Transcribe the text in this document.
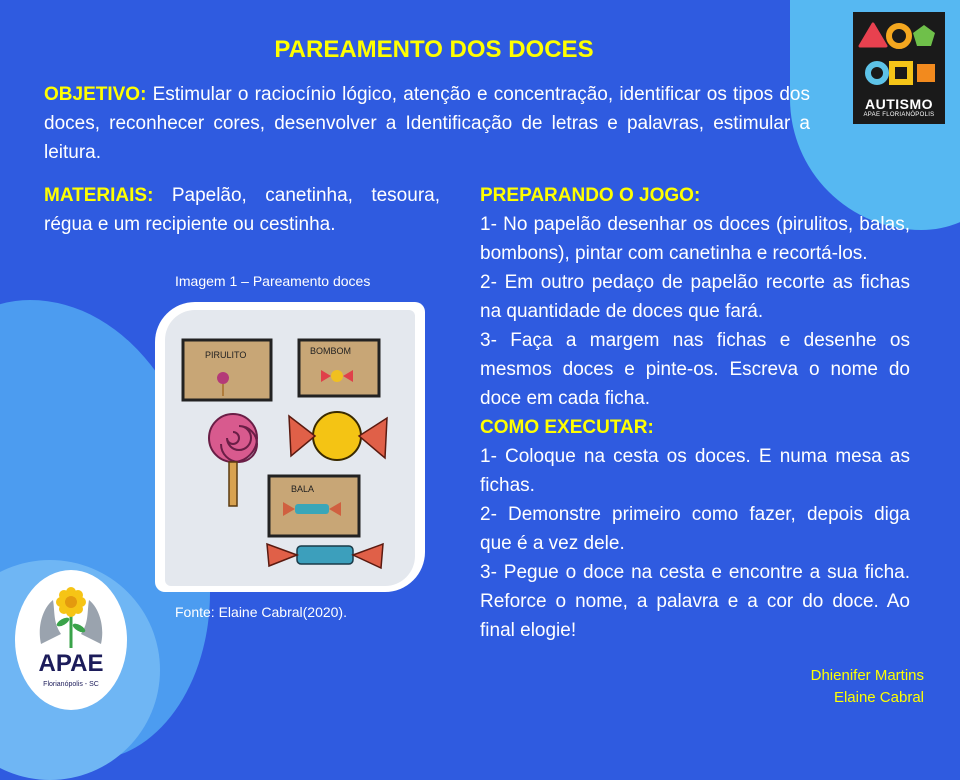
AUTISMO
APAE FLORIANÓPOLIS
APAE
Florianópolis - SC
PAREAMENTO DOS DOCES
OBJETIVO: Estimular o raciocínio lógico, atenção e concentração, identificar os tipos dos doces, reconhecer cores, desenvolver a Identificação de letras e palavras, estimular a leitura.
MATERIAIS: Papelão, canetinha, tesoura, régua e um recipiente ou cestinha.
Imagem 1 – Pareamento doces
PIRULITO	BOMBOM
BALA
Fonte: Elaine Cabral(2020).

PREPARANDO O JOGO:

1- No papelão desenhar os doces (pirulitos, balas, bombons), pintar com canetinha e recortá-los.

2- Em outro pedaço de papelão recorte as fichas na quantidade de doces que fará.

3- Faça a margem nas fichas e desenhe os mesmos doces e pinte-os. Escreva o nome do doce em cada ficha.

COMO EXECUTAR:

1- Coloque na cesta os doces. E numa mesa as fichas.

2- Demonstre primeiro como fazer, depois diga que é a vez dele.

3- Pegue o doce na cesta e encontre a sua ficha. Reforce o nome, a palavra e a cor do doce. Ao final elogie!

Dhienifer Martins
Elaine Cabral
